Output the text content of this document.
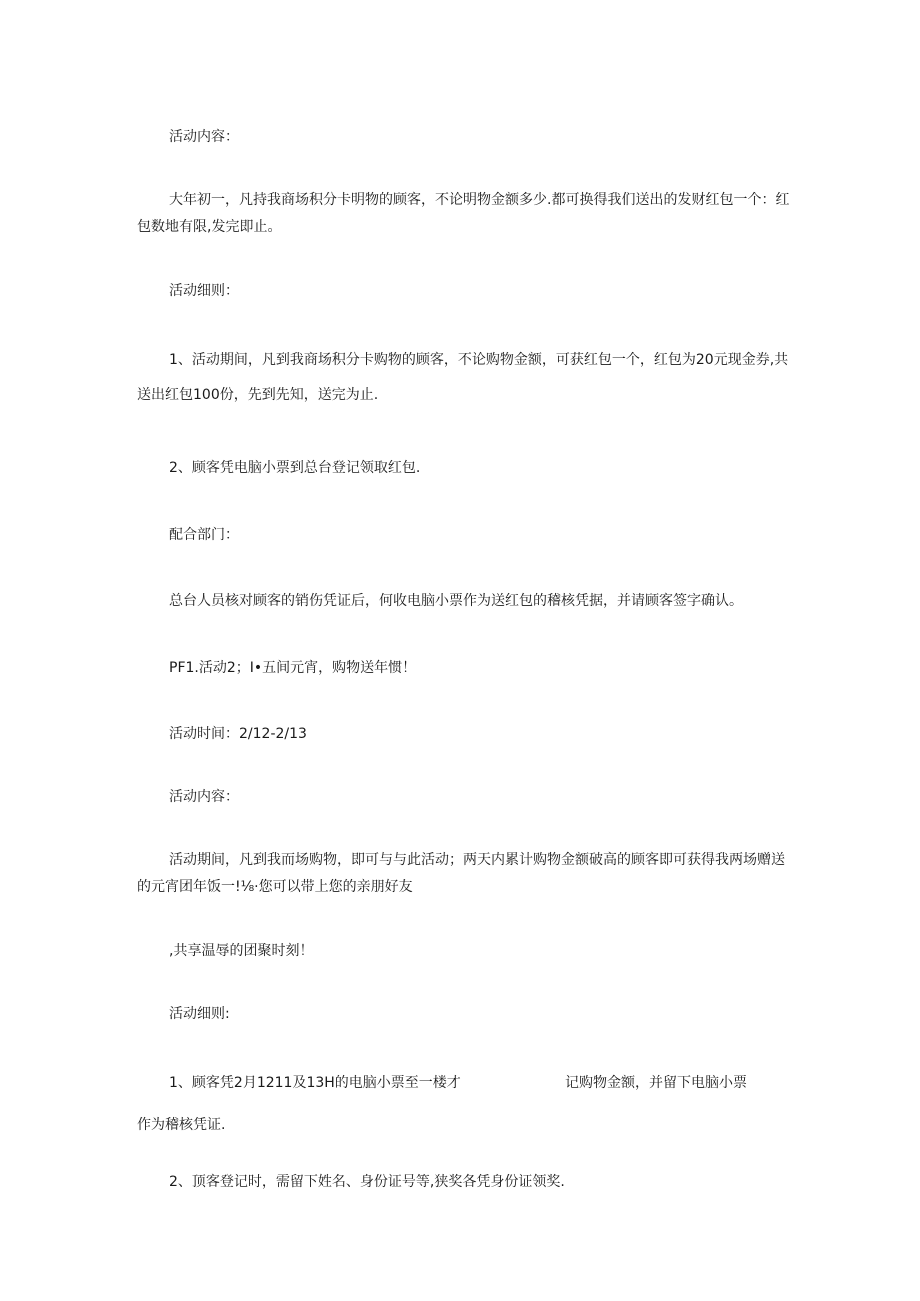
活动内容：
大年初一，凡持我商场积分卡明物的顾客，不论明物金额多少.都可换得我们送出的发财红包一个：红
包数地有限,发完即止。
活动细则：
1、活动期间，凡到我商场积分卡购物的顾客，不论购物金额，可获红包一个，红包为20元现金券,共
送出红包100份，先到先知，送完为止.
2、顾客凭电脑小票到总台登记领取红包.
配合部门：
总台人员核对顾客的销伤凭证后，何收电脑小票作为送红包的稽核凭据，并请顾客签字确认。
PF1.活动2；I•五间元宵，购物送年惯！
活动时间：2/12-2/13
活动内容：
活动期间，凡到我而场购物，即可与与此活动；两天内累计购物金额破高的顾客即可获得我两场赠送
的元宵团年饭一!⅛·您可以带上您的亲朋好友
,共享温辱的团聚时刻！
活动细则:
1、顾客凭2月1211及13H的电脑小票至一楼才	记购物金额，并留下电脑小票
作为稽核凭证.
2、顶客登记时，需留下姓名、身份证号等,狭奖各凭身份证领奖.
